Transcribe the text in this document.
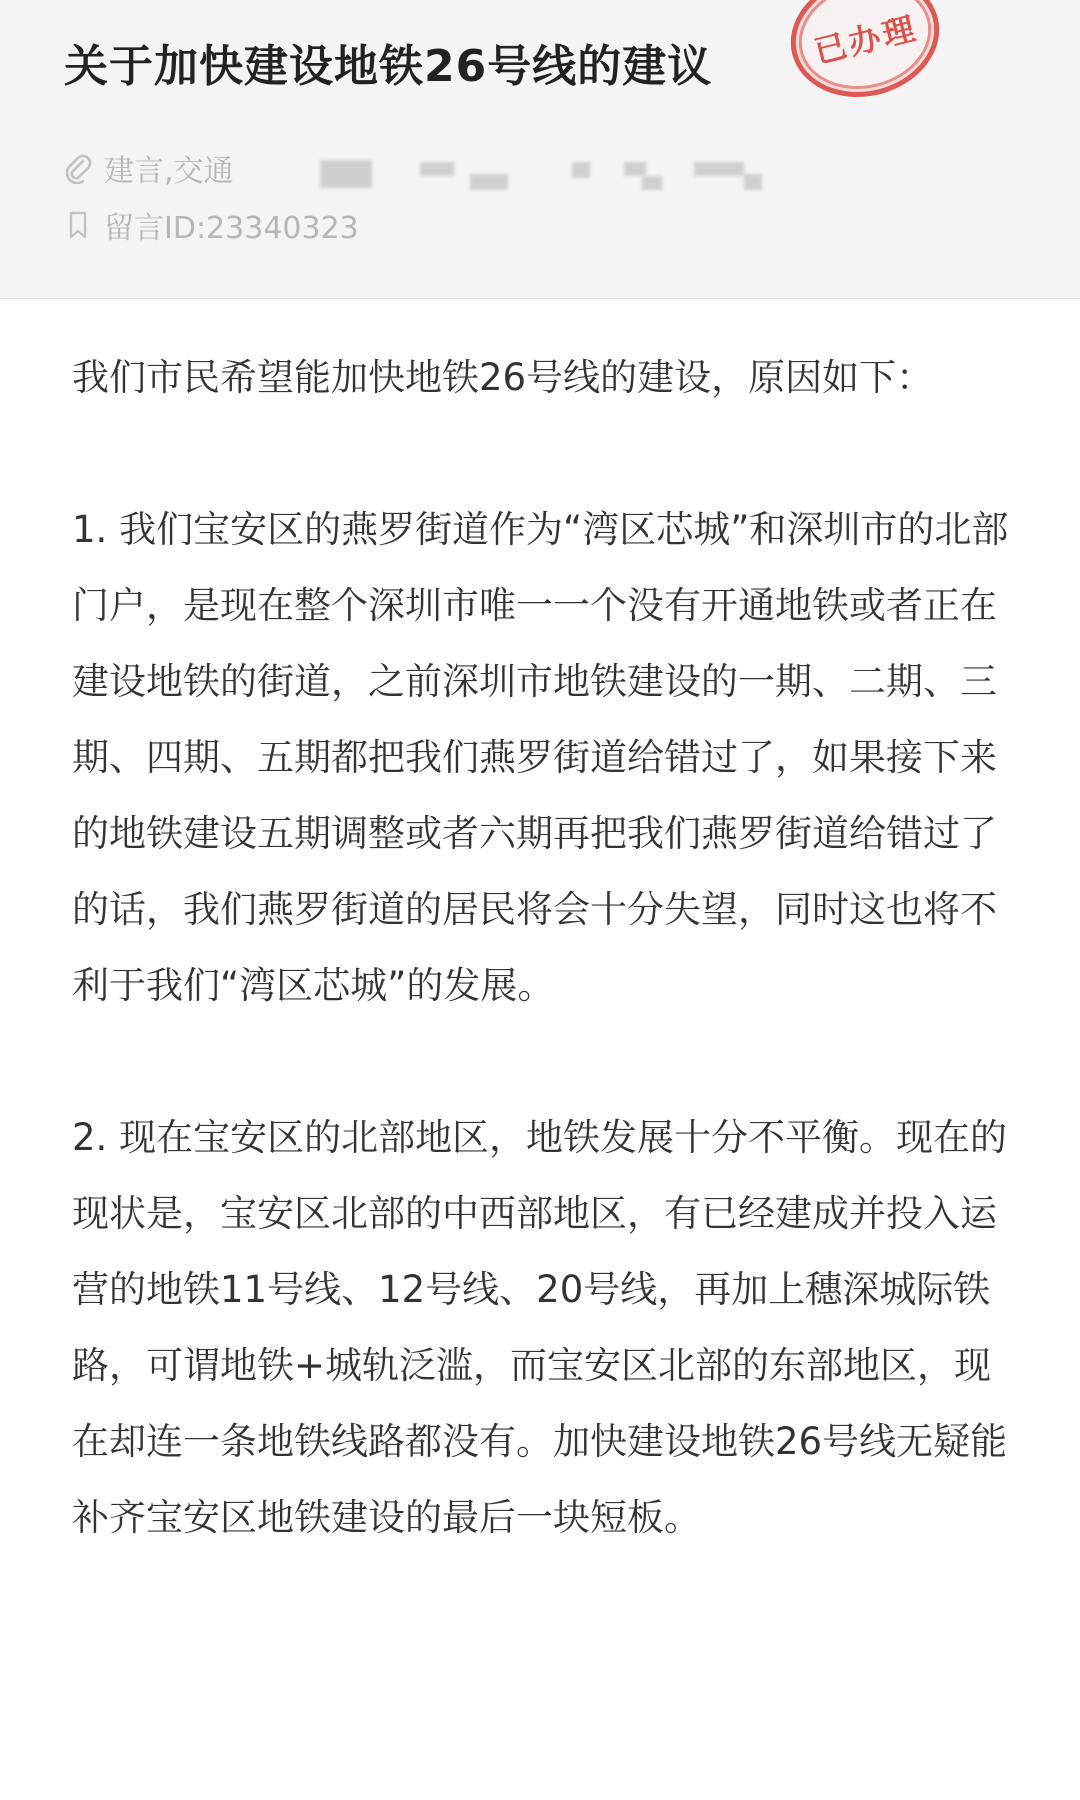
关于加快建设地铁26号线的建议	已办理
建言,交通
留言ID:23340323

我们市民希望能加快地铁26号线的建设，原因如下：

1. 我们宝安区的燕罗街道作为“湾区芯城”和深圳市的北部门户，是现在整个深圳市唯一一个没有开通地铁或者正在建设地铁的街道，之前深圳市地铁建设的一期、二期、三期、四期、五期都把我们燕罗街道给错过了，如果接下来的地铁建设五期调整或者六期再把我们燕罗街道给错过了的话，我们燕罗街道的居民将会十分失望，同时这也将不利于我们“湾区芯城”的发展。

2. 现在宝安区的北部地区，地铁发展十分不平衡。现在的现状是，宝安区北部的中西部地区，有已经建成并投入运营的地铁11号线、12号线、20号线，再加上穗深城际铁路，可谓地铁+城轨泛滥，而宝安区北部的东部地区，现在却连一条地铁线路都没有。加快建设地铁26号线无疑能补齐宝安区地铁建设的最后一块短板。
